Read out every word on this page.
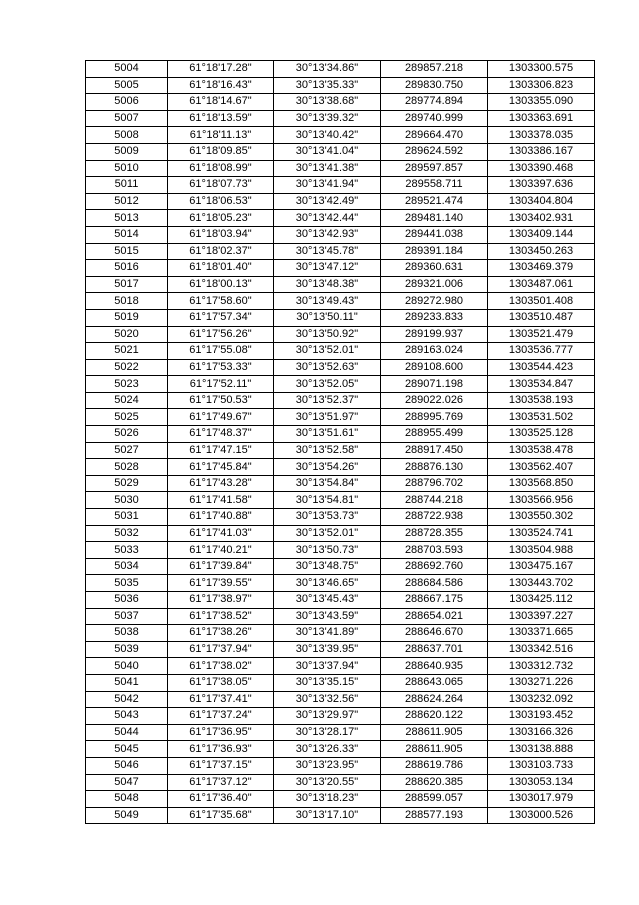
5004	61°18'17.28"	30°13'34.86"	289857.218	1303300.575
5005	61°18'16.43"	30°13'35.33"	289830.750	1303306.823
5006	61°18'14.67"	30°13'38.68"	289774.894	1303355.090
5007	61°18'13.59"	30°13'39.32"	289740.999	1303363.691
5008	61°18'11.13"	30°13'40.42"	289664.470	1303378.035
5009	61°18'09.85"	30°13'41.04"	289624.592	1303386.167
5010	61°18'08.99"	30°13'41.38"	289597.857	1303390.468
5011	61°18'07.73"	30°13'41.94"	289558.711	1303397.636
5012	61°18'06.53"	30°13'42.49"	289521.474	1303404.804
5013	61°18'05.23"	30°13'42.44"	289481.140	1303402.931
5014	61°18'03.94"	30°13'42.93"	289441.038	1303409.144
5015	61°18'02.37"	30°13'45.78"	289391.184	1303450.263
5016	61°18'01.40"	30°13'47.12"	289360.631	1303469.379
5017	61°18'00.13"	30°13'48.38"	289321.006	1303487.061
5018	61°17'58.60"	30°13'49.43"	289272.980	1303501.408
5019	61°17'57.34"	30°13'50.11"	289233.833	1303510.487
5020	61°17'56.26"	30°13'50.92"	289199.937	1303521.479
5021	61°17'55.08"	30°13'52.01"	289163.024	1303536.777
5022	61°17'53.33"	30°13'52.63"	289108.600	1303544.423
5023	61°17'52.11"	30°13'52.05"	289071.198	1303534.847
5024	61°17'50.53"	30°13'52.37"	289022.026	1303538.193
5025	61°17'49.67"	30°13'51.97"	288995.769	1303531.502
5026	61°17'48.37"	30°13'51.61"	288955.499	1303525.128
5027	61°17'47.15"	30°13'52.58"	288917.450	1303538.478
5028	61°17'45.84"	30°13'54.26"	288876.130	1303562.407
5029	61°17'43.28"	30°13'54.84"	288796.702	1303568.850
5030	61°17'41.58"	30°13'54.81"	288744.218	1303566.956
5031	61°17'40.88"	30°13'53.73"	288722.938	1303550.302
5032	61°17'41.03"	30°13'52.01"	288728.355	1303524.741
5033	61°17'40.21"	30°13'50.73"	288703.593	1303504.988
5034	61°17'39.84"	30°13'48.75"	288692.760	1303475.167
5035	61°17'39.55"	30°13'46.65"	288684.586	1303443.702
5036	61°17'38.97"	30°13'45.43"	288667.175	1303425.112
5037	61°17'38.52"	30°13'43.59"	288654.021	1303397.227
5038	61°17'38.26"	30°13'41.89"	288646.670	1303371.665
5039	61°17'37.94"	30°13'39.95"	288637.701	1303342.516
5040	61°17'38.02"	30°13'37.94"	288640.935	1303312.732
5041	61°17'38.05"	30°13'35.15"	288643.065	1303271.226
5042	61°17'37.41"	30°13'32.56"	288624.264	1303232.092
5043	61°17'37.24"	30°13'29.97"	288620.122	1303193.452
5044	61°17'36.95"	30°13'28.17"	288611.905	1303166.326
5045	61°17'36.93"	30°13'26.33"	288611.905	1303138.888
5046	61°17'37.15"	30°13'23.95"	288619.786	1303103.733
5047	61°17'37.12"	30°13'20.55"	288620.385	1303053.134
5048	61°17'36.40"	30°13'18.23"	288599.057	1303017.979
5049	61°17'35.68"	30°13'17.10"	288577.193	1303000.526
